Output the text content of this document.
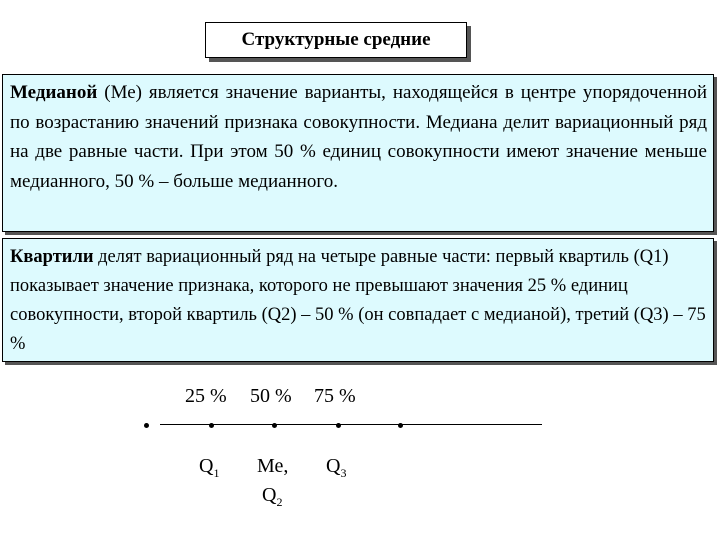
Структурные средние

Медианой (Ме) является значение варианты, находящейся в центре упорядоченной по возрастанию значений признака совокупности. Медиана делит вариационный ряд на две равные части. При этом 50 % единиц совокупности имеют значение меньше медианного, 50 % – больше медианного.

Квартили делят вариационный ряд на четыре равные части: первый квартиль (Q1) показывает значение признака, которого не превышают значения 25 % единиц совокупности, второй квартиль (Q2) – 50 % (он совпадает с медианой), третий (Q3) – 75 %

25 % 50 % 75 %
$Q_1$ Ме,
$Q_2$
$Q_3$
